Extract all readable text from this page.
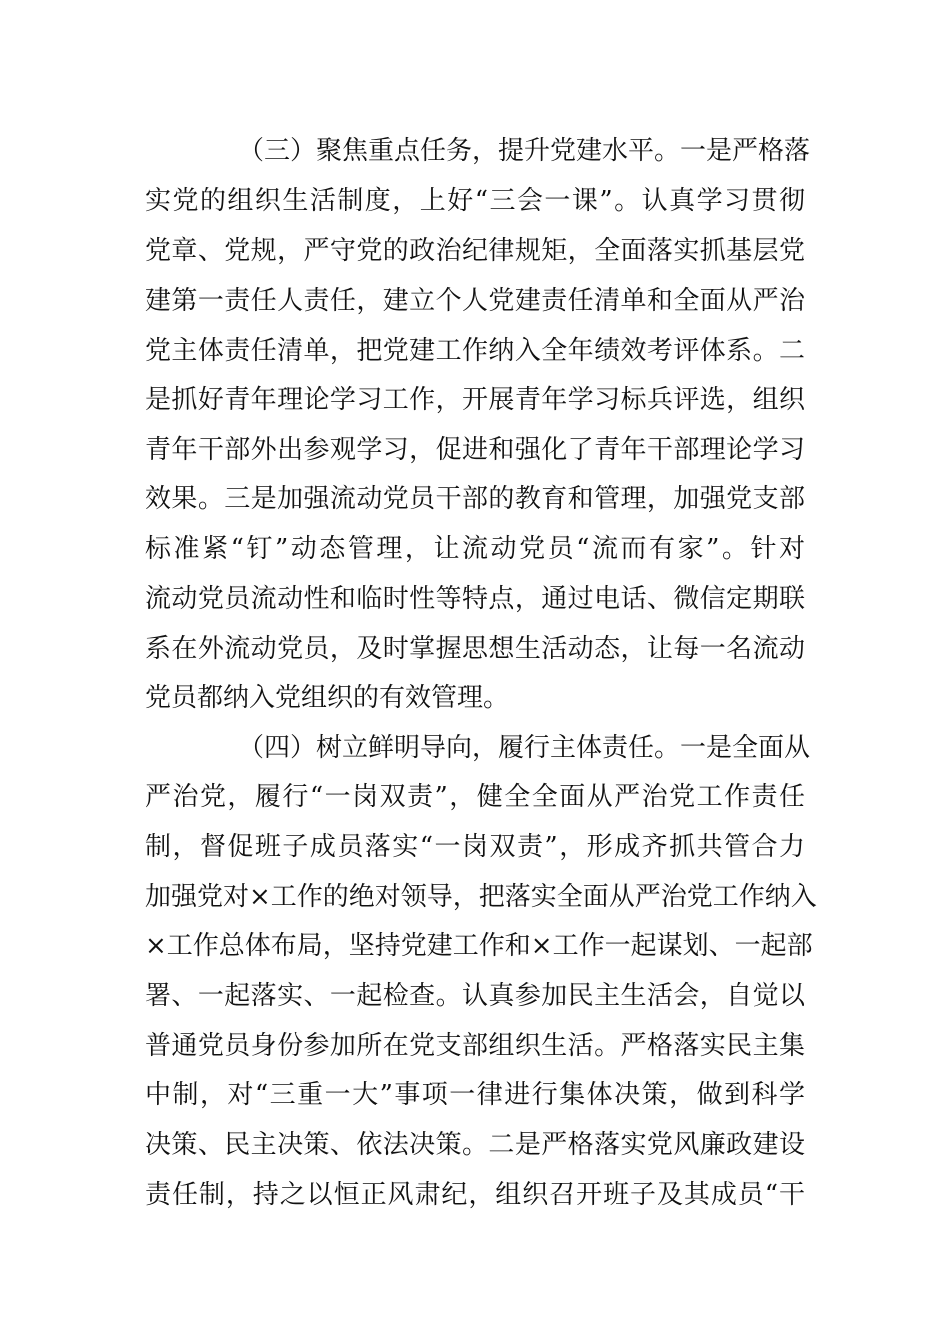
（三）聚焦重点任务，提升党建水平。一是严格落
实党的组织生活制度，上好“三会一课”。认真学习贯彻
党章、党规，严守党的政治纪律规矩，全面落实抓基层党
建第一责任人责任，建立个人党建责任清单和全面从严治
党主体责任清单，把党建工作纳入全年绩效考评体系。二
是抓好青年理论学习工作，开展青年学习标兵评选，组织
青年干部外出参观学习，促进和强化了青年干部理论学习
效果。三是加强流动党员干部的教育和管理，加强党支部
标准紧“钉”动态管理，让流动党员“流而有家”。针对
流动党员流动性和临时性等特点，通过电话、微信定期联
系在外流动党员，及时掌握思想生活动态，让每一名流动
党员都纳入党组织的有效管理。
（四）树立鲜明导向，履行主体责任。一是全面从
严治党，履行“一岗双责”，健全全面从严治党工作责任
制，督促班子成员落实“一岗双责”，形成齐抓共管合力
加强党对×工作的绝对领导，把落实全面从严治党工作纳入
×工作总体布局，坚持党建工作和×工作一起谋划、一起部
署、一起落实、一起检查。认真参加民主生活会，自觉以
普通党员身份参加所在党支部组织生活。严格落实民主集
中制，对“三重一大”事项一律进行集体决策，做到科学
决策、民主决策、依法决策。二是严格落实党风廉政建设
责任制，持之以恒正风肃纪，组织召开班子及其成员“干
